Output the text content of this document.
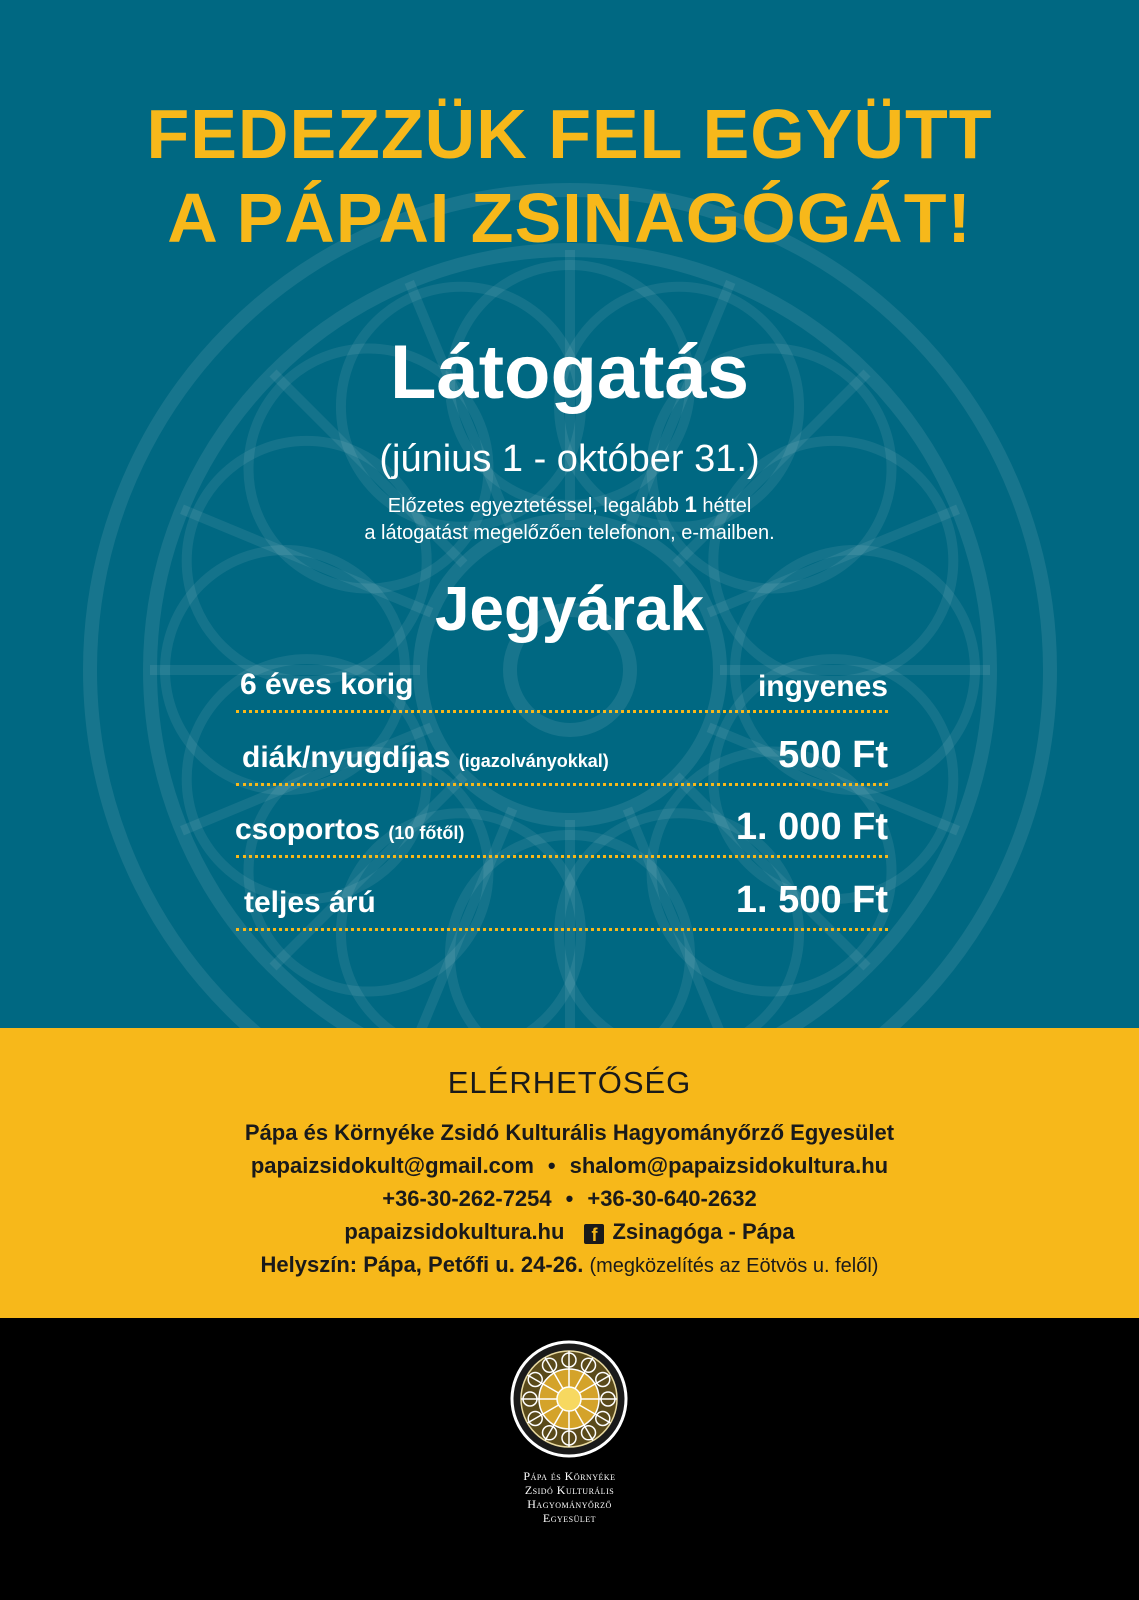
FEDEZZÜK FEL EGYÜTT
A PÁPAI ZSINAGÓGÁT!
Látogatás
(június 1 - október 31.)
Előzetes egyeztetéssel, legalább 1 héttel
a látogatást megelőzően telefonon, e-mailben.
Jegyárak
6 éves korig	ingyenes
diák/nyugdíjas (igazolványokkal)	500 Ft
csoportos (10 főtől)	1. 000 Ft
teljes árú	1. 500 Ft
ELÉRHETŐSÉG
Pápa és Környéke Zsidó Kulturális Hagyományőrző Egyesület
papaizsidokult@gmail.com • shalom@papaizsidokultura.hu
+36-30-262-7254 • +36-30-640-2632
papaizsidokultura.hu f Zsinagóga - Pápa
Helyszín: Pápa, Petőfi u. 24-26. (megközelítés az Eötvös u. felől)
Pápa és Környéke
Zsidó Kulturális
Hagyományőrző
Egyesület
